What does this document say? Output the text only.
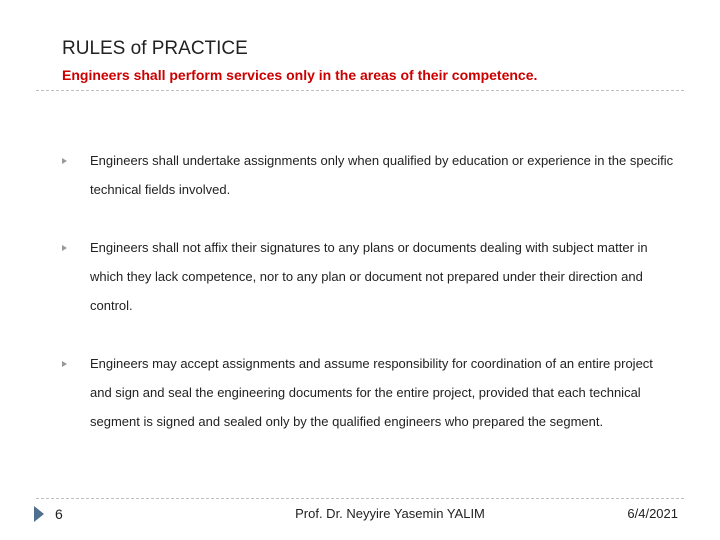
RULES of PRACTICE
Engineers shall perform services only in the areas of their competence.
Engineers shall undertake assignments only when qualified by education or experience in the specific technical fields involved.
Engineers shall not affix their signatures to any plans or documents dealing with subject matter in which they lack competence, nor to any plan or document not prepared under their direction and control.
Engineers may accept assignments and assume responsibility for coordination of an entire project and sign and seal the engineering documents for the entire project, provided that each technical segment is signed and sealed only by the qualified engineers who prepared the segment.
6	Prof. Dr. Neyyire Yasemin YALIM	6/4/2021
